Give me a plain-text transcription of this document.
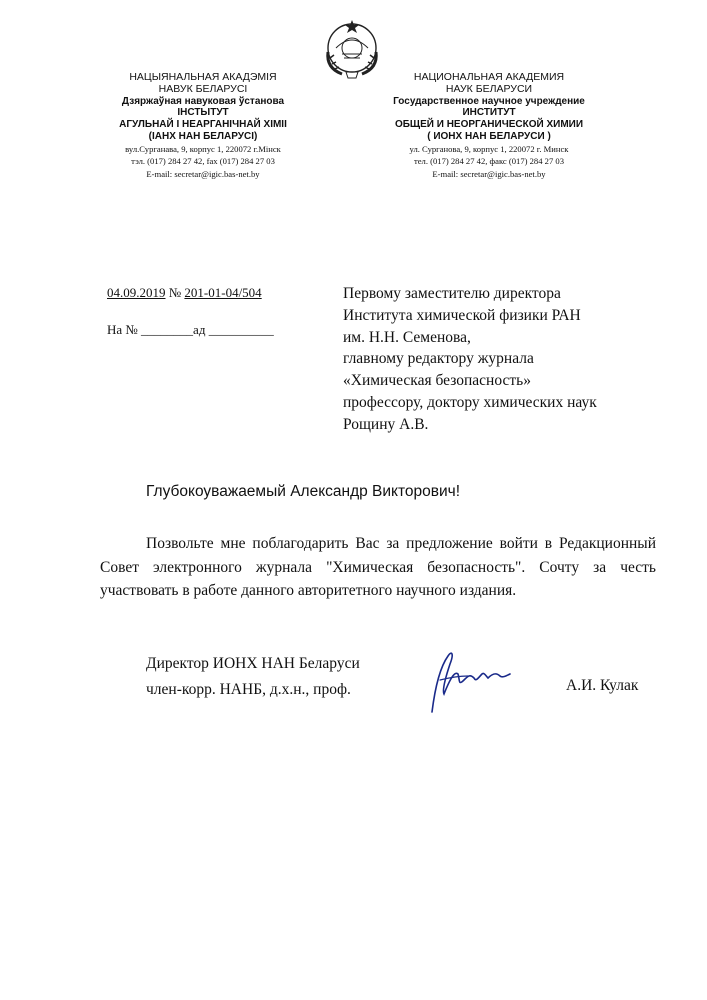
НАЦЫЯНАЛЬНАЯ АКАДЭМІЯ
НАВУК БЕЛАРУСІ
Дзяржаўная навуковая ўстанова
ІНСТЫТУТ
АГУЛЬНАЙ І НЕАРГАНІЧНАЙ ХІМІІ
(ІАНХ НАН БЕЛАРУСІ)
вул.Сурганава, 9, корпус 1, 220072 г.Мінск
тэл. (017) 284 27 42, fax (017) 284 27 03
E-mail: secretar@igic.bas-net.by
НАЦИОНАЛЬНАЯ АКАДЕМИЯ
НАУК БЕЛАРУСИ
Государственное научное учреждение
ИНСТИТУТ
ОБЩЕЙ И НЕОРГАНИЧЕСКОЙ ХИМИИ
( ИОНХ НАН БЕЛАРУСИ )
ул. Сурганова, 9, корпус 1, 220072 г. Минск
тел. (017) 284 27 42, факс (017) 284 27 03
E-mail: secretar@igic.bas-net.by
04.09.2019 № 201-01-04/504
На № ________ад __________
Первому заместителю директора
Института химической физики РАН
им. Н.Н. Семенова,
главному редактору журнала
«Химическая безопасность»
профессору, доктору химических наук
Рощину А.В.
Глубокоуважаемый Александр Викторович!
Позвольте мне поблагодарить Вас за предложение войти в Редакционный Совет электронного журнала "Химическая безопасность". Сочту за честь участвовать в работе данного авторитетного научного издания.
Директор ИОНХ НАН Беларуси
член-корр. НАНБ, д.х.н., проф.	А.И. Кулак
